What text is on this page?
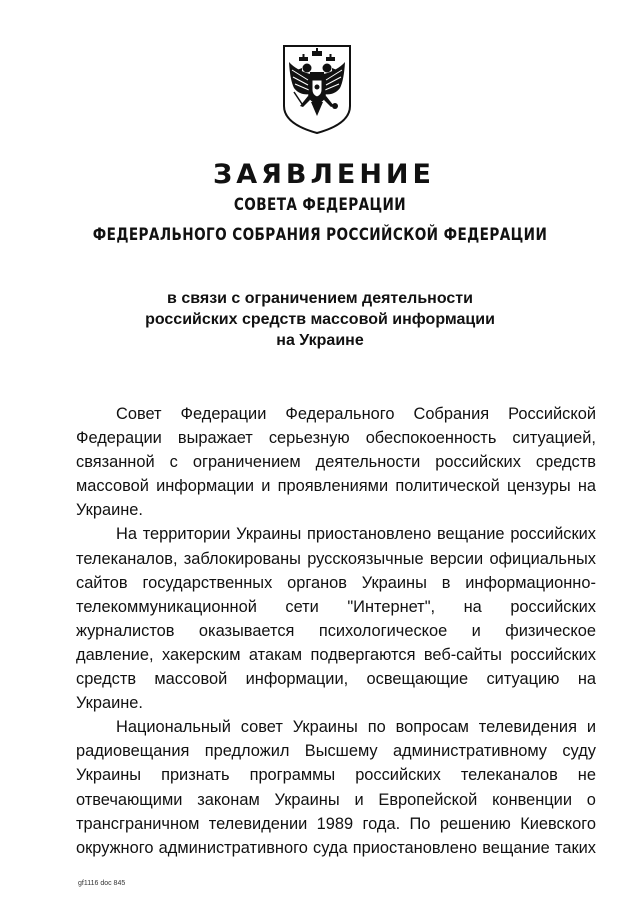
ЗАЯВЛЕНИЕ
СОВЕТА ФЕДЕРАЦИИ
ФЕДЕРАЛЬНОГО СОБРАНИЯ РОССИЙСКОЙ ФЕДЕРАЦИИ
в связи с ограничением деятельности
российских средств массовой информации
на Украине
Совет Федерации Федерального Собрания Российской
Федерации выражает серьезную обеспокоенность ситуацией,
связанной с ограничением деятельности российских средств
массовой информации и проявлениями политической цензуры на
Украине.
На территории Украины приостановлено вещание российских
телеканалов, заблокированы русскоязычные версии официальных
сайтов государственных органов Украины в информационно-
телекоммуникационной сети "Интернет", на российских
журналистов оказывается психологическое и физическое
давление, хакерским атакам подвергаются веб-сайты российских
средств массовой информации, освещающие ситуацию на
Украине.
Национальный совет Украины по вопросам телевидения и
радиовещания предложил Высшему административному суду
Украины признать программы российских телеканалов не
отвечающими законам Украины и Европейской конвенции о
трансграничном телевидении 1989 года. По решению Киевского
окружного административного суда приостановлено вещание таких
gf1116 doc 845
